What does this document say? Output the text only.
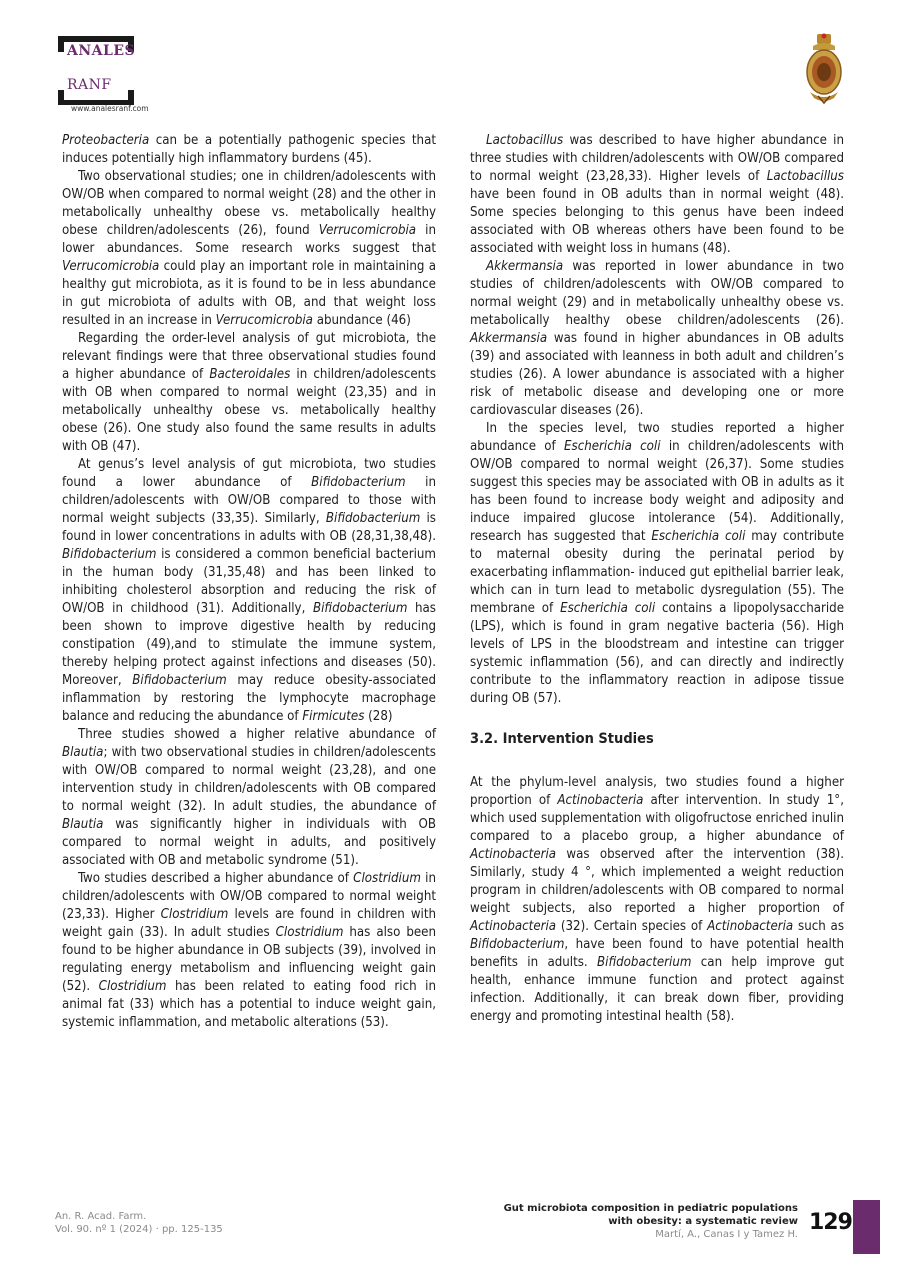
ANALES
RANF
www.analesranf.com

Proteobacteria can be a potentially pathogenic species that induces potentially high inflammatory burdens (45).

Two observational studies; one in children/adolescents with OW/OB when compared to normal weight (28) and the other in metabolically unhealthy obese vs. metabolically healthy obese children/adolescents (26), found Verrucomicrobia in lower abundances. Some research works suggest that Verrucomicrobia could play an important role in maintaining a healthy gut microbiota, as it is found to be in less abundance in gut microbiota of adults with OB, and that weight loss resulted in an increase in Verrucomicrobia abundance (46)

Regarding the order-level analysis of gut microbiota, the relevant findings were that three observational studies found a higher abundance of Bacteroidales in children/adolescents with OB when compared to normal weight (23,35) and in metabolically unhealthy obese vs. metabolically healthy obese (26). One study also found the same results in adults with OB (47).

At genus’s level analysis of gut microbiota, two studies found a lower abundance of Bifidobacterium in children/adolescents with OW/OB compared to those with normal weight subjects (33,35). Similarly, Bifidobacterium is found in lower concentrations in adults with OB (28,31,38,48). Bifidobacterium is considered a common beneficial bacterium in the human body (31,35,48) and has been linked to inhibiting cholesterol absorption and reducing the risk of OW/OB in childhood (31). Additionally, Bifidobacterium has been shown to improve digestive health by reducing constipation (49),and to stimulate the immune system, thereby helping protect against infections and diseases (50). Moreover, Bifidobacterium may reduce obesity-associated inflammation by restoring the lymphocyte macrophage balance and reducing the abundance of Firmicutes (28)

Three studies showed a higher relative abundance of Blautia; with two observational studies in children/adolescents with OW/OB compared to normal weight (23,28), and one intervention study in children/adolescents with OB compared to normal weight (32). In adult studies, the abundance of Blautia was significantly higher in individuals with OB compared to normal weight in adults, and positively associated with OB and metabolic syndrome (51).

Two studies described a higher abundance of Clostridium in children/adolescents with OW/OB compared to normal weight (23,33). Higher Clostridium levels are found in children with weight gain (33). In adult studies Clostridium has also been found to be higher abundance in OB subjects (39), involved in regulating energy metabolism and influencing weight gain (52). Clostridium has been related to eating food rich in animal fat (33) which has a potential to induce weight gain, systemic inflammation, and metabolic alterations (53).

Lactobacillus was described to have higher abundance in three studies with children/adolescents with OW/OB compared to normal weight (23,28,33). Higher levels of Lactobacillus have been found in OB adults than in normal weight (48). Some species belonging to this genus have been indeed associated with OB whereas others have been found to be associated with weight loss in humans (48).

Akkermansia was reported in lower abundance in two studies of children/adolescents with OW/OB compared to normal weight (29) and in metabolically unhealthy obese vs. metabolically healthy obese children/adolescents (26). Akkermansia was found in higher abundances in OB adults (39) and associated with leanness in both adult and children’s studies (26). A lower abundance is associated with a higher risk of metabolic disease and developing one or more cardiovascular diseases (26).

In the species level, two studies reported a higher abundance of Escherichia coli in children/adolescents with OW/OB compared to normal weight (26,37). Some studies suggest this species may be associated with OB in adults as it has been found to increase body weight and adiposity and induce impaired glucose intolerance (54). Additionally, research has suggested that Escherichia coli may contribute to maternal obesity during the perinatal period by exacerbating inflammation- induced gut epithelial barrier leak, which can in turn lead to metabolic dysregulation (55). The membrane of Escherichia coli contains a lipopolysaccharide (LPS), which is found in gram negative bacteria (56). High levels of LPS in the bloodstream and intestine can trigger systemic inflammation (56), and can directly and indirectly contribute to the inflammatory reaction in adipose tissue during OB (57).

3.2. Intervention Studies

At the phylum-level analysis, two studies found a higher proportion of Actinobacteria after intervention. In study 1°, which used supplementation with oligofructose enriched inulin compared to a placebo group, a higher abundance of Actinobacteria was observed after the intervention (38). Similarly, study 4 °, which implemented a weight reduction program in children/adolescents with OB compared to normal weight subjects, also reported a higher proportion of Actinobacteria (32). Certain species of Actinobacteria such as Bifidobacterium, have been found to have potential health benefits in adults. Bifidobacterium can help improve gut health, enhance immune function and protect against infection. Additionally, it can break down fiber, providing energy and promoting intestinal health (58).

An. R. Acad. Farm.
Vol. 90. nº 1 (2024) · pp. 125-135
Gut microbiota composition in pediatric populations
with obesity: a systematic review
Martí, A., Canas I y Tamez H. 129
